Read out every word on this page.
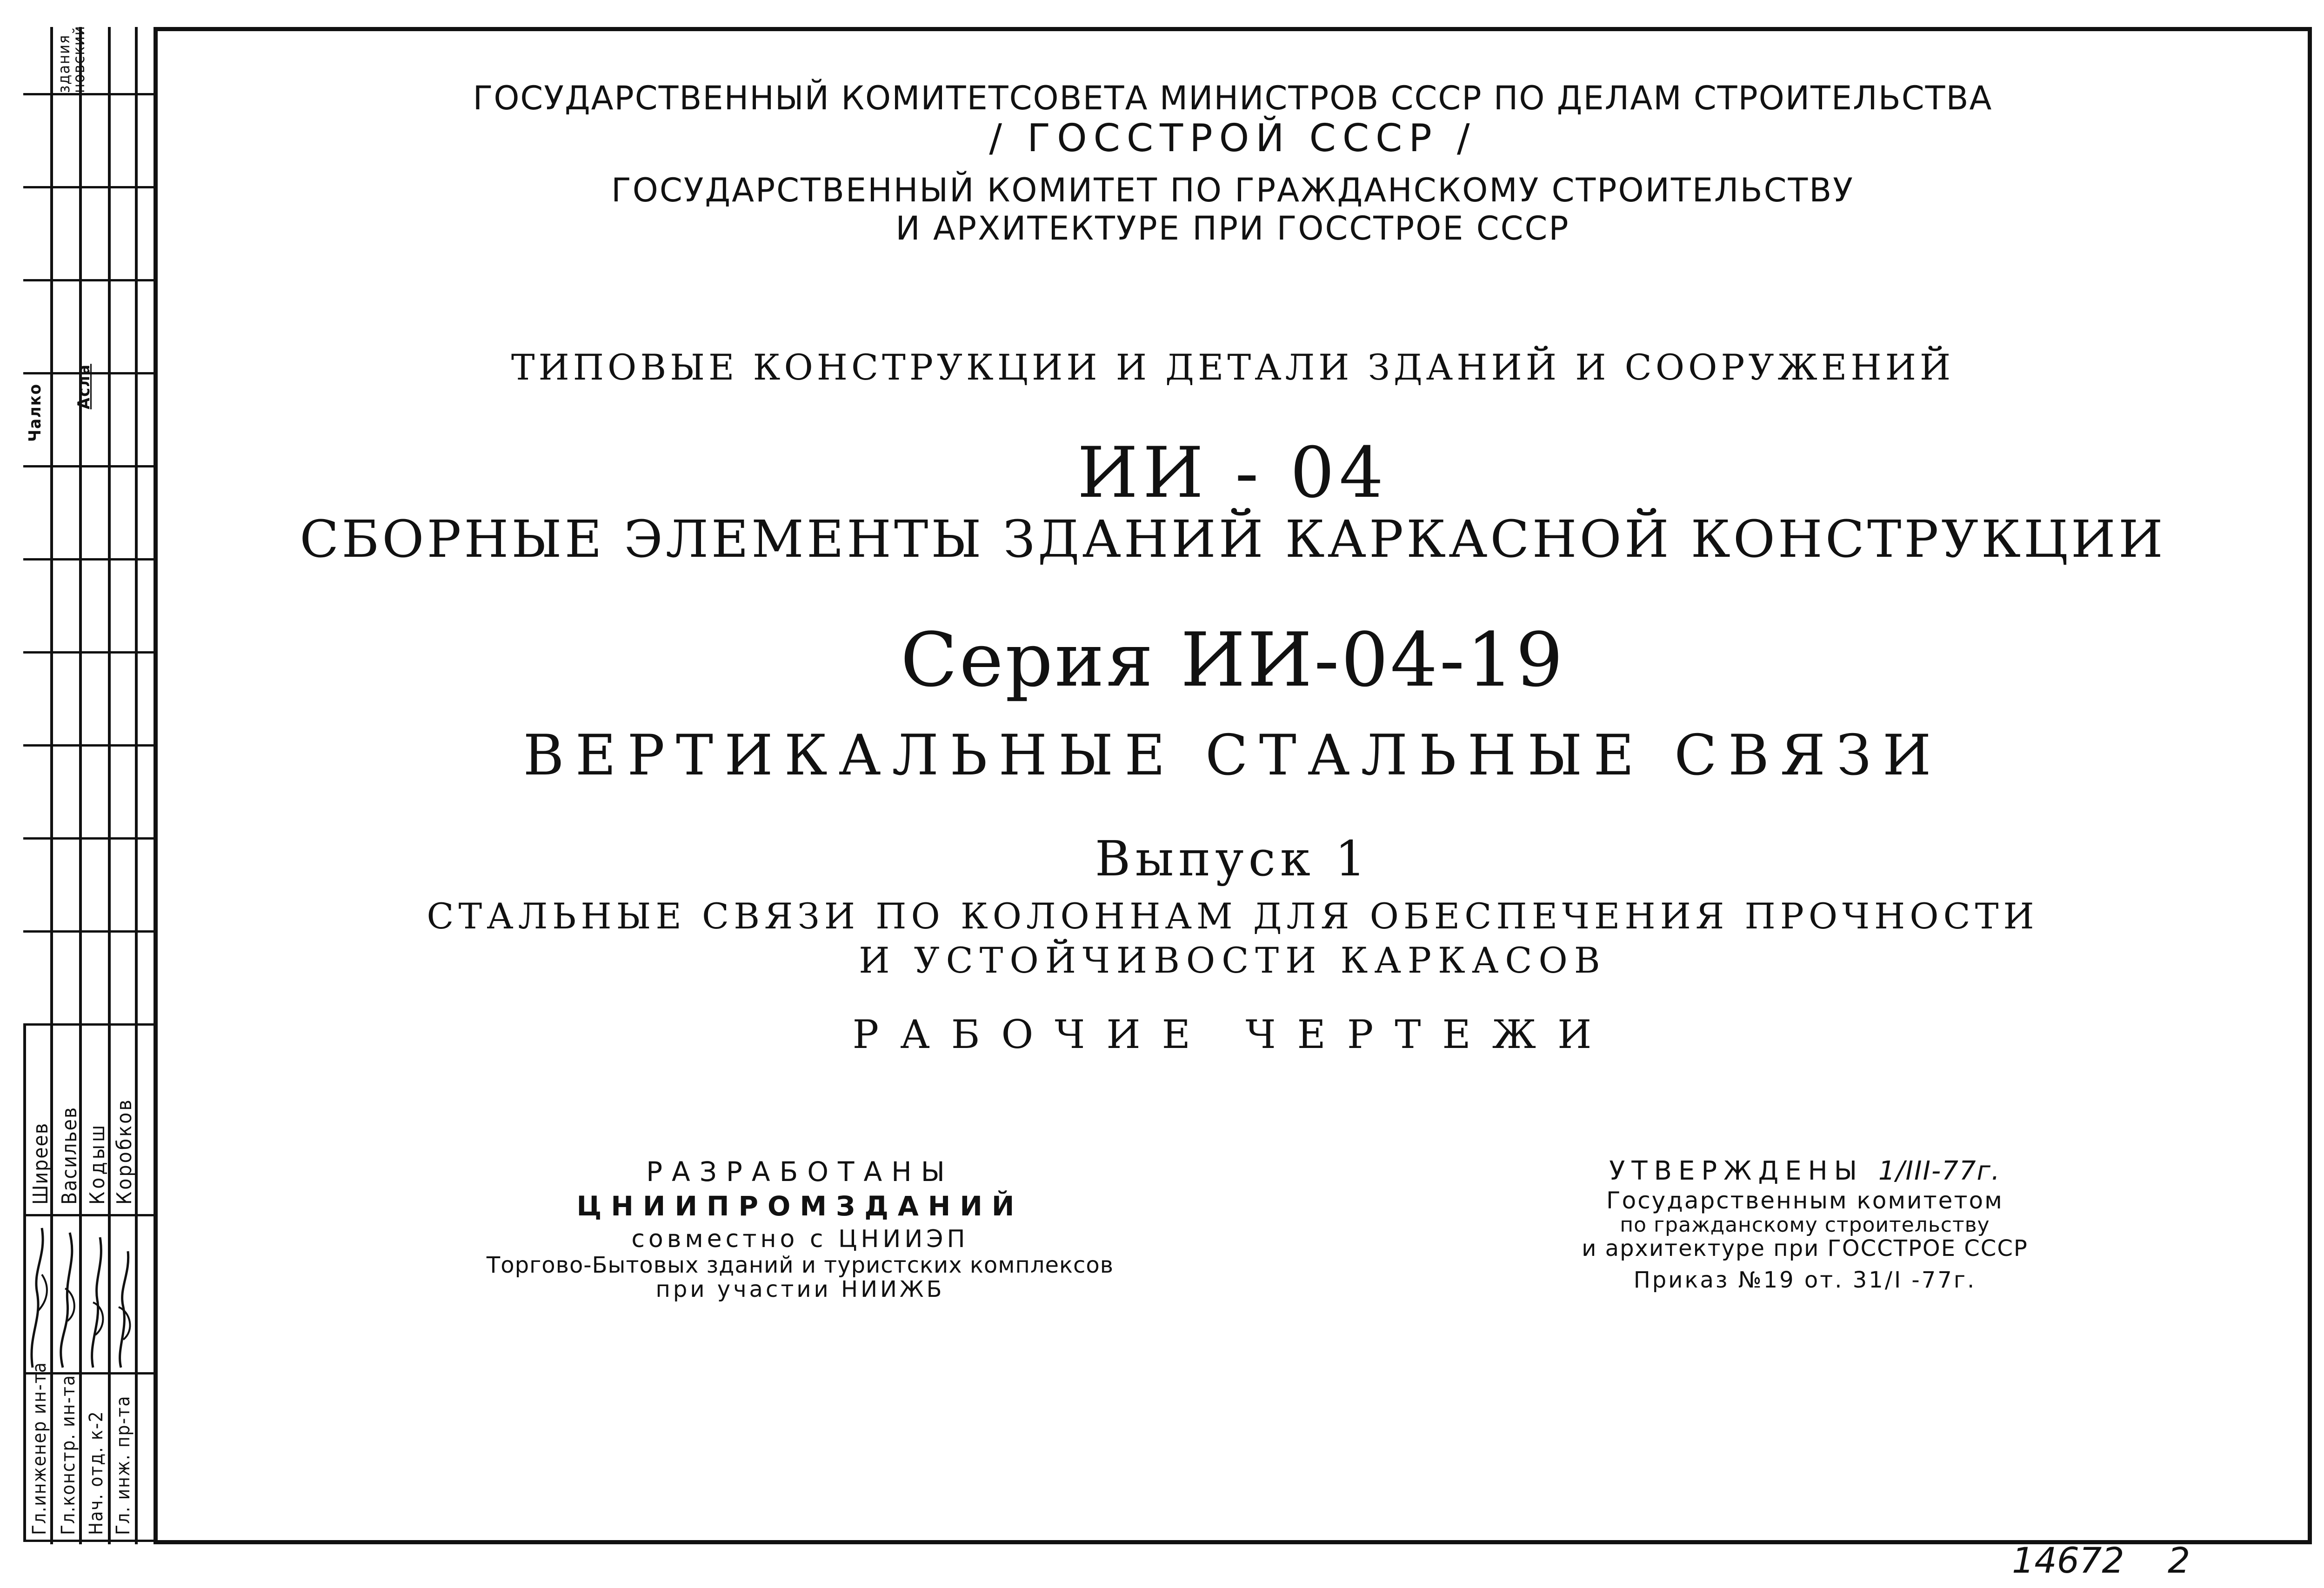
здания
новский
Чалко Асла
Ширеев Васильев Кодыш Коробков
Гл.инженер ин-та Гл.констр. ин-та Нач. отд. к-2 Гл. инж. пр-та
ГОСУДАРСТВЕННЫЙ КОМИТЕТСОВЕТА МИНИСТРОВ СССР ПО ДЕЛАМ СТРОИТЕЛЬСТВА
/ ГОССТРОЙ СССР /
ГОСУДАРСТВЕННЫЙ КОМИТЕТ ПО ГРАЖДАНСКОМУ СТРОИТЕЛЬСТВУ
И АРХИТЕКТУРЕ ПРИ ГОССТРОЕ СССР
ТИПОВЫЕ КОНСТРУКЦИИ И ДЕТАЛИ ЗДАНИЙ И СООРУЖЕНИЙ
ИИ - 04
СБОРНЫЕ ЭЛЕМЕНТЫ ЗДАНИЙ КАРКАСНОЙ КОНСТРУКЦИИ
Серия ИИ-04-19
ВЕРТИКАЛЬНЫЕ СТАЛЬНЫЕ СВЯЗИ
Выпуск 1
СТАЛЬНЫЕ СВЯЗИ ПО КОЛОННАМ ДЛЯ ОБЕСПЕЧЕНИЯ ПРОЧНОСТИ
И УСТОЙЧИВОСТИ КАРКАСОВ
РАБОЧИЕ ЧЕРТЕЖИ
РАЗРАБОТАНЫ
ЦНИИПРОМЗДАНИЙ
совместно с ЦНИИЭП
Торгово-Бытовых зданий и туристских комплексов
при участии НИИЖБ
УТВЕРЖДЕНЫ 1/III-77г.
Государственным комитетом
по гражданскому строительству
и архитектуре при ГОССТРОЕ СССР
Приказ №19 от. 31/I -77г.
14672 2
